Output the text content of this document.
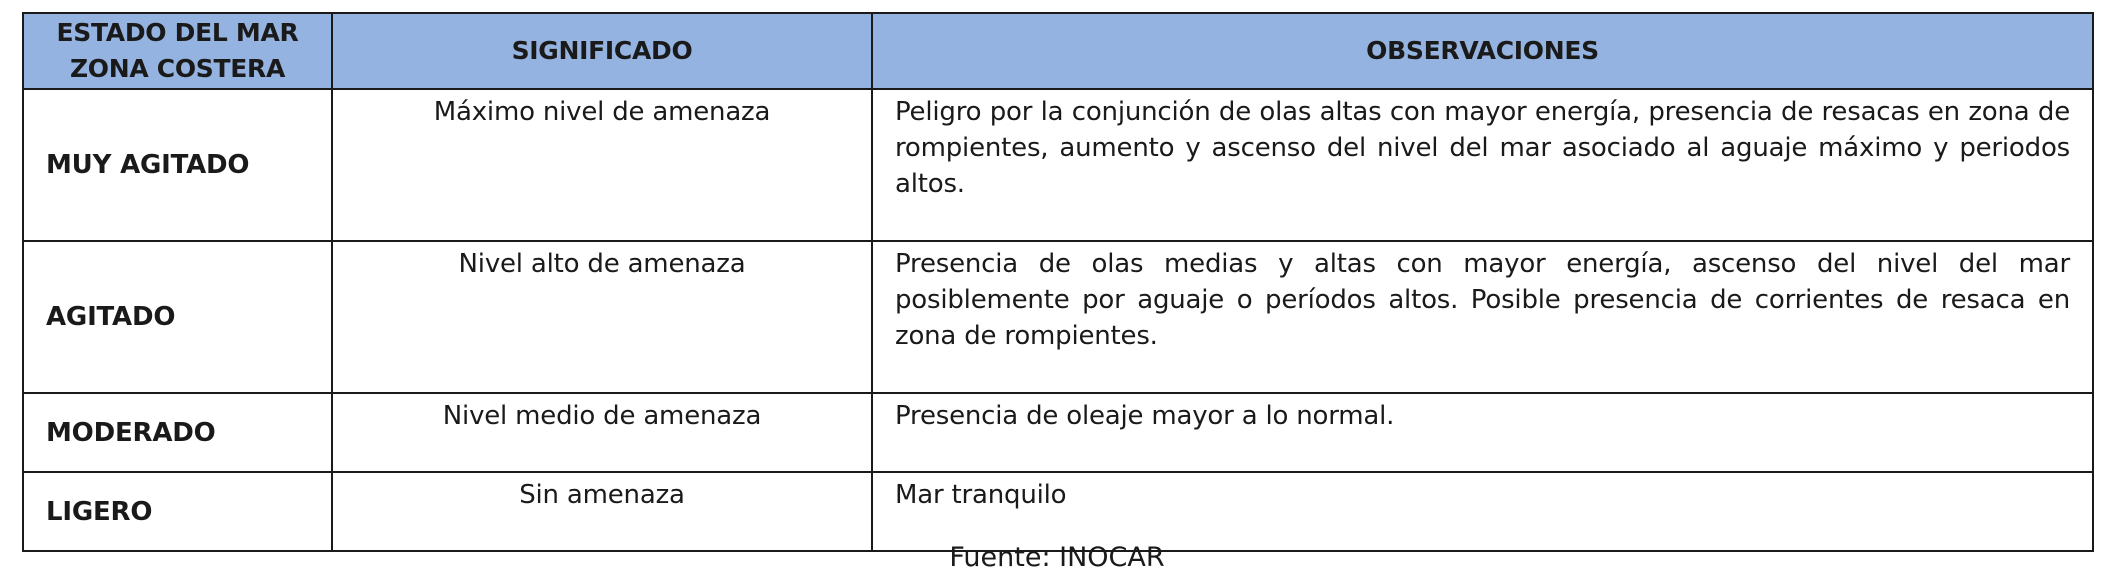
ESTADO DEL MAR
ZONA COSTERA	SIGNIFICADO	OBSERVACIONES
MUY AGITADO	Máximo nivel de amenaza	Peligro por la conjunción de olas altas con mayor energía, presencia de resacas en zona de rompientes, aumento y ascenso del nivel del mar asociado al aguaje máximo y periodos altos.
AGITADO	Nivel alto de amenaza	Presencia de olas medias y altas con mayor energía, ascenso del nivel del mar posiblemente por aguaje o períodos altos. Posible presencia de corrientes de resaca en zona de rompientes.
MODERADO	Nivel medio de amenaza	Presencia de oleaje mayor a lo normal.
LIGERO	Sin amenaza	Mar tranquilo
Fuente: INOCAR
